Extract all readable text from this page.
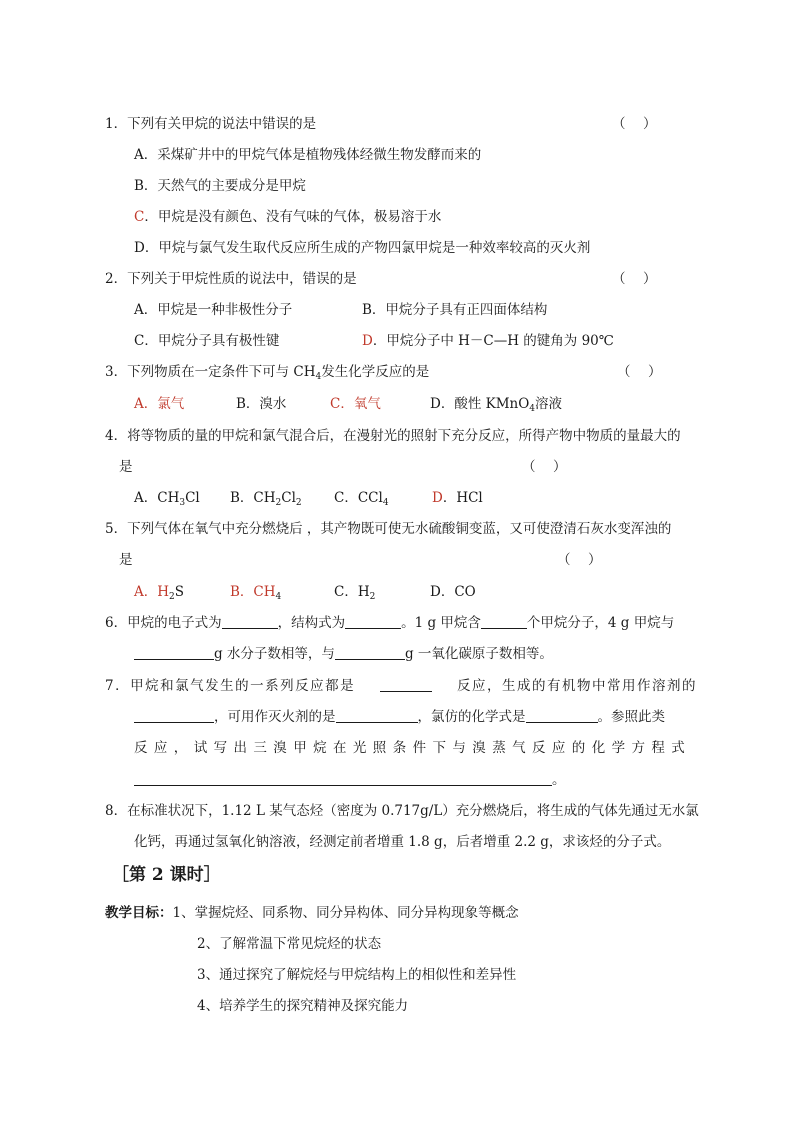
1．下列有关甲烷的说法中错误的是	（　）
A．采煤矿井中的甲烷气体是植物残体经微生物发酵而来的
B．天然气的主要成分是甲烷
C．甲烷是没有颜色、没有气味的气体，极易溶于水
D．甲烷与氯气发生取代反应所生成的产物四氯甲烷是一种效率较高的灭火剂
2．下列关于甲烷性质的说法中，错误的是	（　）
A．甲烷是一种非极性分子	B．甲烷分子具有正四面体结构
C．甲烷分子具有极性键	D．甲烷分子中 H－C—H 的键角为 90℃
3．下列物质在一定条件下可与 $CH_4$发生化学反应的是	（　）
A．氯气	B．溴水	C．氧气	D．酸性 KMnO$_4$溶液
4．将等物质的量的甲烷和氯气混合后，在漫射光的照射下充分反应，所得产物中物质的量最大的
是	（　）
A．$CH_3Cl$ B．$CH_2Cl_2$ C．CCl$_4$	D．HCl
5．下列气体在氧气中充分燃烧后 ，其产物既可使无水硫酸铜变蓝，又可使澄清石灰水变浑浊的
是	（　）
A．$H_2S$	B．$CH_4$	C．$H_2$	D．CO
6．甲烷的电子式为	，结构式为	。1 g 甲烷含	个甲烷分子，4 g 甲烷与
g 水分子数相等，与	g 一氧化碳原子数相等。
7．甲烷和氯气发生的一系列反应都是	反应，生成的有机物中常用作溶剂的
，可用作灭火剂的是	，氯仿的化学式是	。参照此类
反应，试写出三溴甲烷在光照条件下与溴蒸气反应的化学方程式
。
8．在标准状况下，1.12 L 某气态烃（密度为 0.717g/L）充分燃烧后，将生成的气体先通过无水氯
化钙，再通过氢氧化钠溶液，经测定前者增重 1.8 g，后者增重 2.2 g，求该烃的分子式。
［第 2 课时］
教学目标：1、掌握烷烃、同系物、同分异构体、同分异构现象等概念
2、了解常温下常见烷烃的状态
3、通过探究了解烷烃与甲烷结构上的相似性和差异性
4、培养学生的探究精神及探究能力
